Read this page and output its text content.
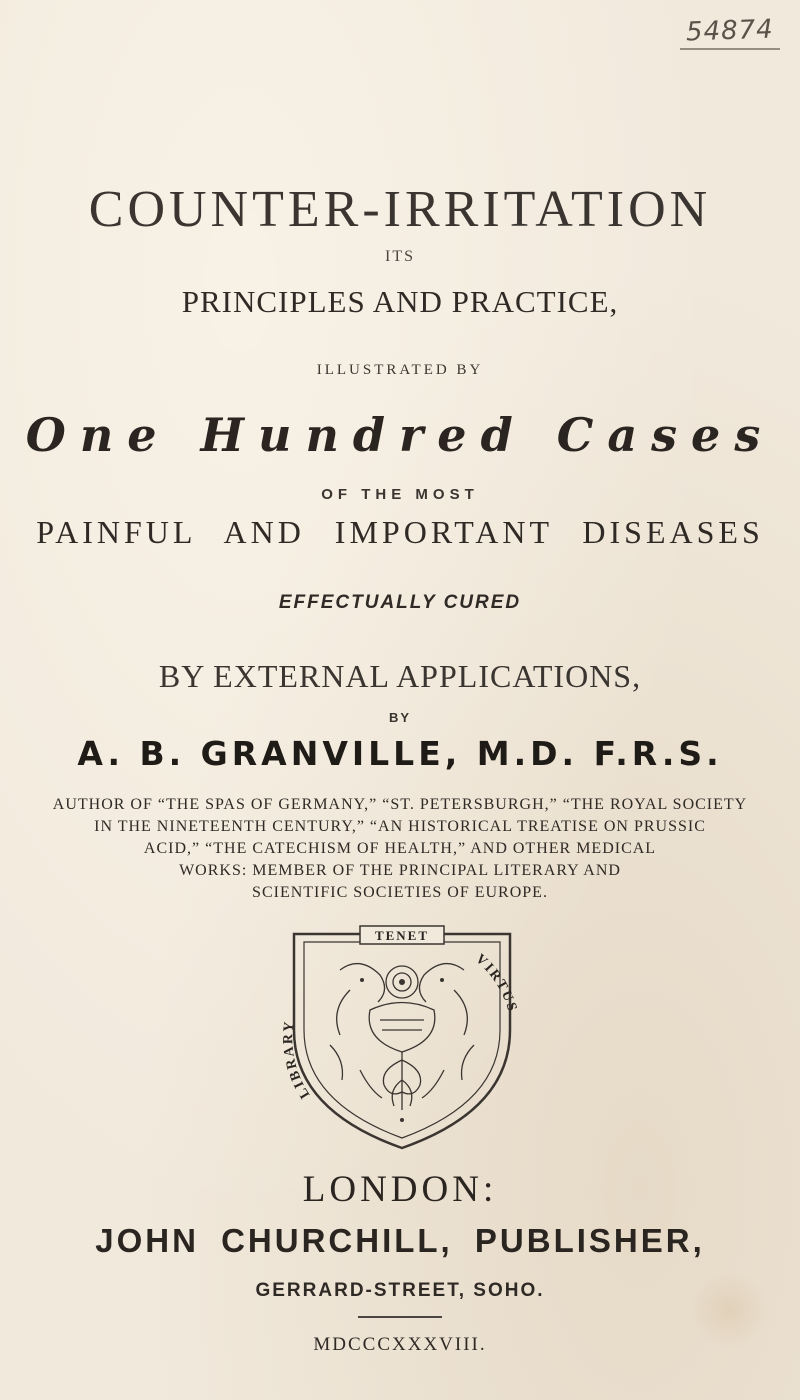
54874
COUNTER-IRRITATION
ITS
PRINCIPLES AND PRACTICE,
ILLUSTRATED BY
One Hundred Cases
OF THE MOST
PAINFUL AND IMPORTANT DISEASES
EFFECTUALLY CURED
BY EXTERNAL APPLICATIONS,
BY
A. B. GRANVILLE, M.D. F.R.S.
AUTHOR OF “THE SPAS OF GERMANY,” “ST. PETERSBURGH,” “THE ROYAL SOCIETY
IN THE NINETEENTH CENTURY,” “AN HISTORICAL TREATISE ON PRUSSIC
ACID,” “THE CATECHISM OF HEALTH,” AND OTHER MEDICAL
WORKS: MEMBER OF THE PRINCIPAL LITERARY AND
SCIENTIFIC SOCIETIES OF EUROPE.
TENET
LIBRARY
VIRTUS
LONDON:
JOHN CHURCHILL, PUBLISHER,
GERRARD-STREET, SOHO.
MDCCCXXXVIII.
